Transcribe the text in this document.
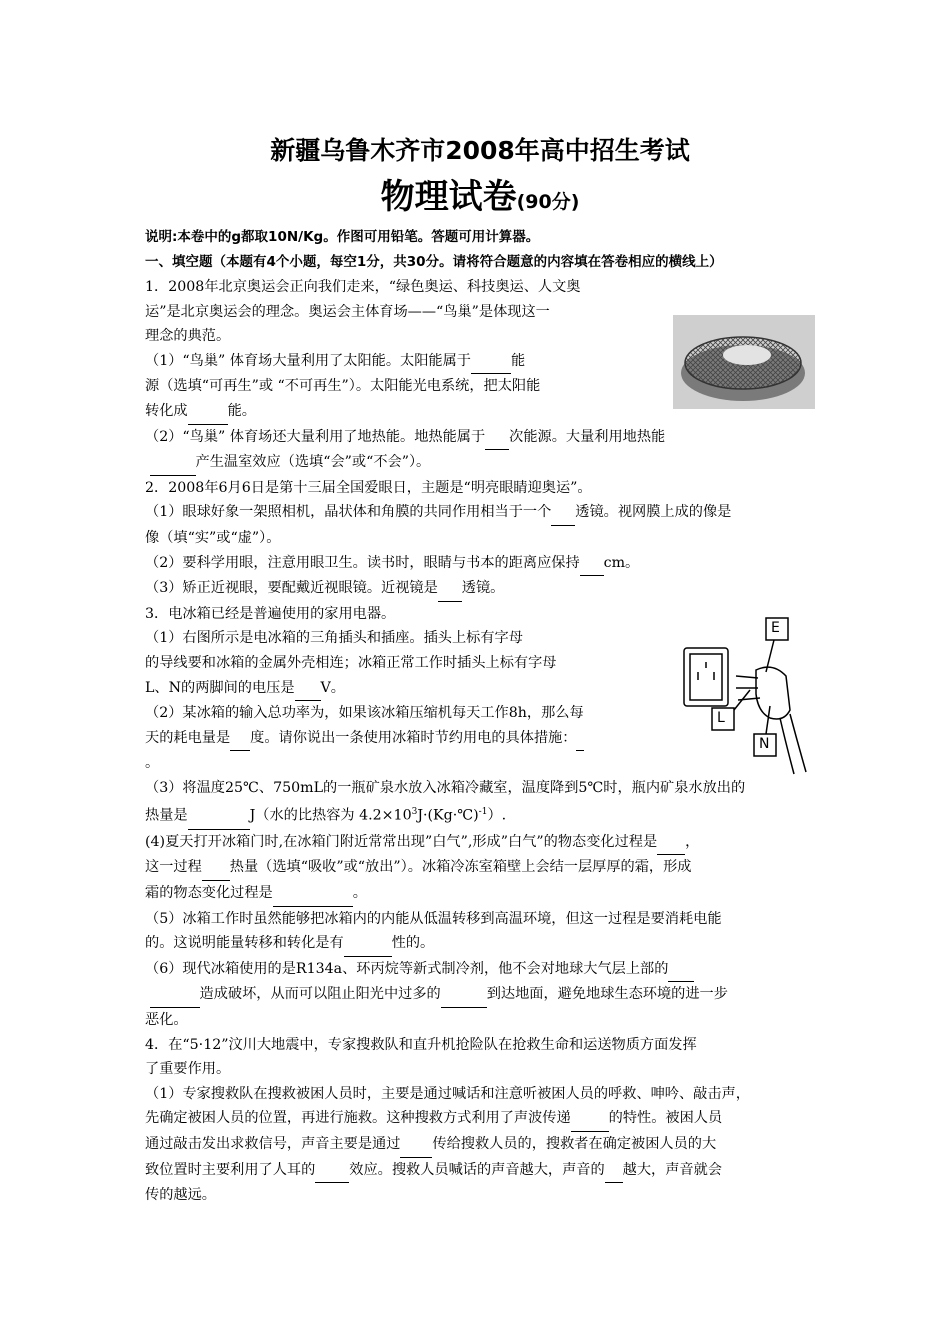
新疆乌鲁木齐市2008年高中招生考试
物理试卷(90分)
说明:本卷中的g都取10N/Kg。作图可用铅笔。答题可用计算器。
一、填空题（本题有4个小题，每空1分，共30分。请将符合题意的内容填在答卷相应的横线上）

1．2008年北京奥运会正向我们走来，“绿色奥运、科技奥运、人文奥

运”是北京奥运会的理念。奥运会主体育场——“鸟巢”是体现这一

理念的典范。

（1）“鸟巢” 体育场大量利用了太阳能。太阳能属于	能

源（选填“可再生”或 “不可再生”）。太阳能光电系统，把太阳能

转化成	能。

（2）“鸟巢” 体育场还大量利用了地热能。地热能属于 次能源。大量利用地热能

产生温室效应（选填“会”或“不会”）。

2．2008年6月6日是第十三届全国爱眼日，主题是“明亮眼睛迎奥运”。

（1）眼球好象一架照相机，晶状体和角膜的共同作用相当于一个 透镜。视网膜上成的像是

像（填“实”或“虚”）。

（2）要科学用眼，注意用眼卫生。读书时，眼睛与书本的距离应保持 cm。

（3）矫正近视眼，要配戴近视眼镜。近视镜是 透镜。

3．电冰箱已经是普遍使用的家用电器。

（1）右图所示是电冰箱的三角插头和插座。插头上标有字母

的导线要和冰箱的金属外壳相连；冰箱正常工作时插头上标有字母

L、N的两脚间的电压是 V。

（2）某冰箱的输入总功率为，如果该冰箱压缩机每天工作8h，那么每

天的耗电量是 度。请你说出一条使用冰箱时节约用电的具体措施：

。

（3）将温度25℃、750mL的一瓶矿泉水放入冰箱冷藏室，温度降到5℃时，瓶内矿泉水放出的

热量是	J（水的比热容为 $4.2\times 10^3J\cdot(Kg\cdot℃)^{-1}$）.

(4)夏天打开冰箱门时,在冰箱门附近常常出现”白气”,形成”白气”的物态变化过程是 ，

这一过程 热量（选填“吸收”或“放出”）。冰箱冷冻室箱壁上会结一层厚厚的霜，形成

霜的物态变化过程是	。

（5）冰箱工作时虽然能够把冰箱内的内能从低温转移到高温环境，但这一过程是要消耗电能

的。这说明能量转移和转化是有	性的。

（6）现代冰箱使用的是R134a、环丙烷等新式制冷剂，他不会对地球大气层上部的

造成破坏，从而可以阻止阳光中过多的	到达地面，避免地球生态环境的进一步

恶化。

4．在“5·12”汶川大地震中，专家搜救队和直升机抢险队在抢救生命和运送物质方面发挥

了重要作用。

（1）专家搜救队在搜救被困人员时，主要是通过喊话和注意听被困人员的呼救、呻吟、敲击声，

先确定被困人员的位置，再进行施救。这种搜救方式利用了声波传递	的特性。被困人员

通过敲击发出求救信号，声音主要是通过 传给搜救人员的，搜救者在确定被困人员的大

致位置时主要利用了人耳的 效应。搜救人员喊话的声音越大，声音的 越大，声音就会

传的越远。

E
L
N
